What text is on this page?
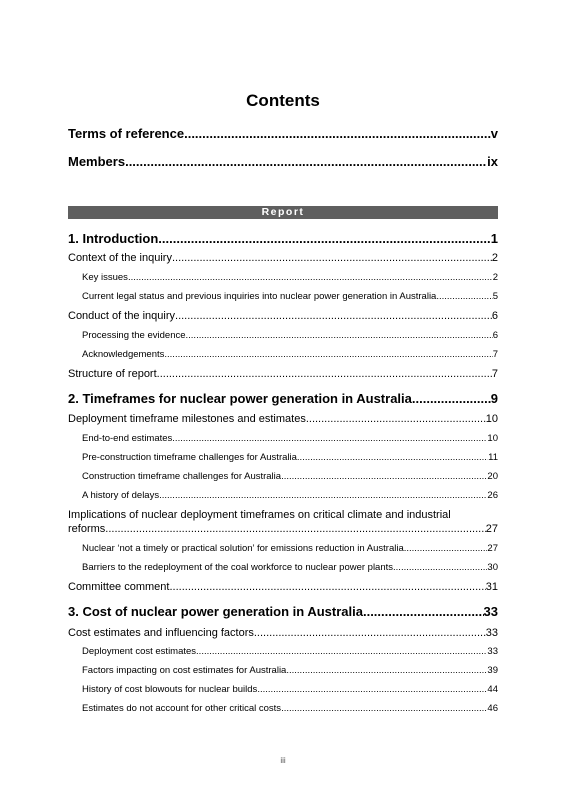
Contents
Terms of reference .....	v
Members .....	ix
Report
1. Introduction .....	1
Context of the inquiry .....	2
Key issues .....	2
Current legal status and previous inquiries into nuclear power generation in Australia .....	5
Conduct of the inquiry .....	6
Processing the evidence .....	6
Acknowledgements .....	7
Structure of report .....	7
2. Timeframes for nuclear power generation in Australia .....	9
Deployment timeframe milestones and estimates .....	10
End-to-end estimates .....	10
Pre-construction timeframe challenges for Australia .....	11
Construction timeframe challenges for Australia .....	20
A history of delays .....	26
Implications of nuclear deployment timeframes on critical climate and industrial
reforms .....	27
Nuclear ‘not a timely or practical solution’ for emissions reduction in Australia .....	27
Barriers to the redeployment of the coal workforce to nuclear power plants .....	30
Committee comment .....	31
3. Cost of nuclear power generation in Australia .....	33
Cost estimates and influencing factors .....	33
Deployment cost estimates .....	33
Factors impacting on cost estimates for Australia .....	39
History of cost blowouts for nuclear builds .....	44
Estimates do not account for other critical costs .....	46
iii
